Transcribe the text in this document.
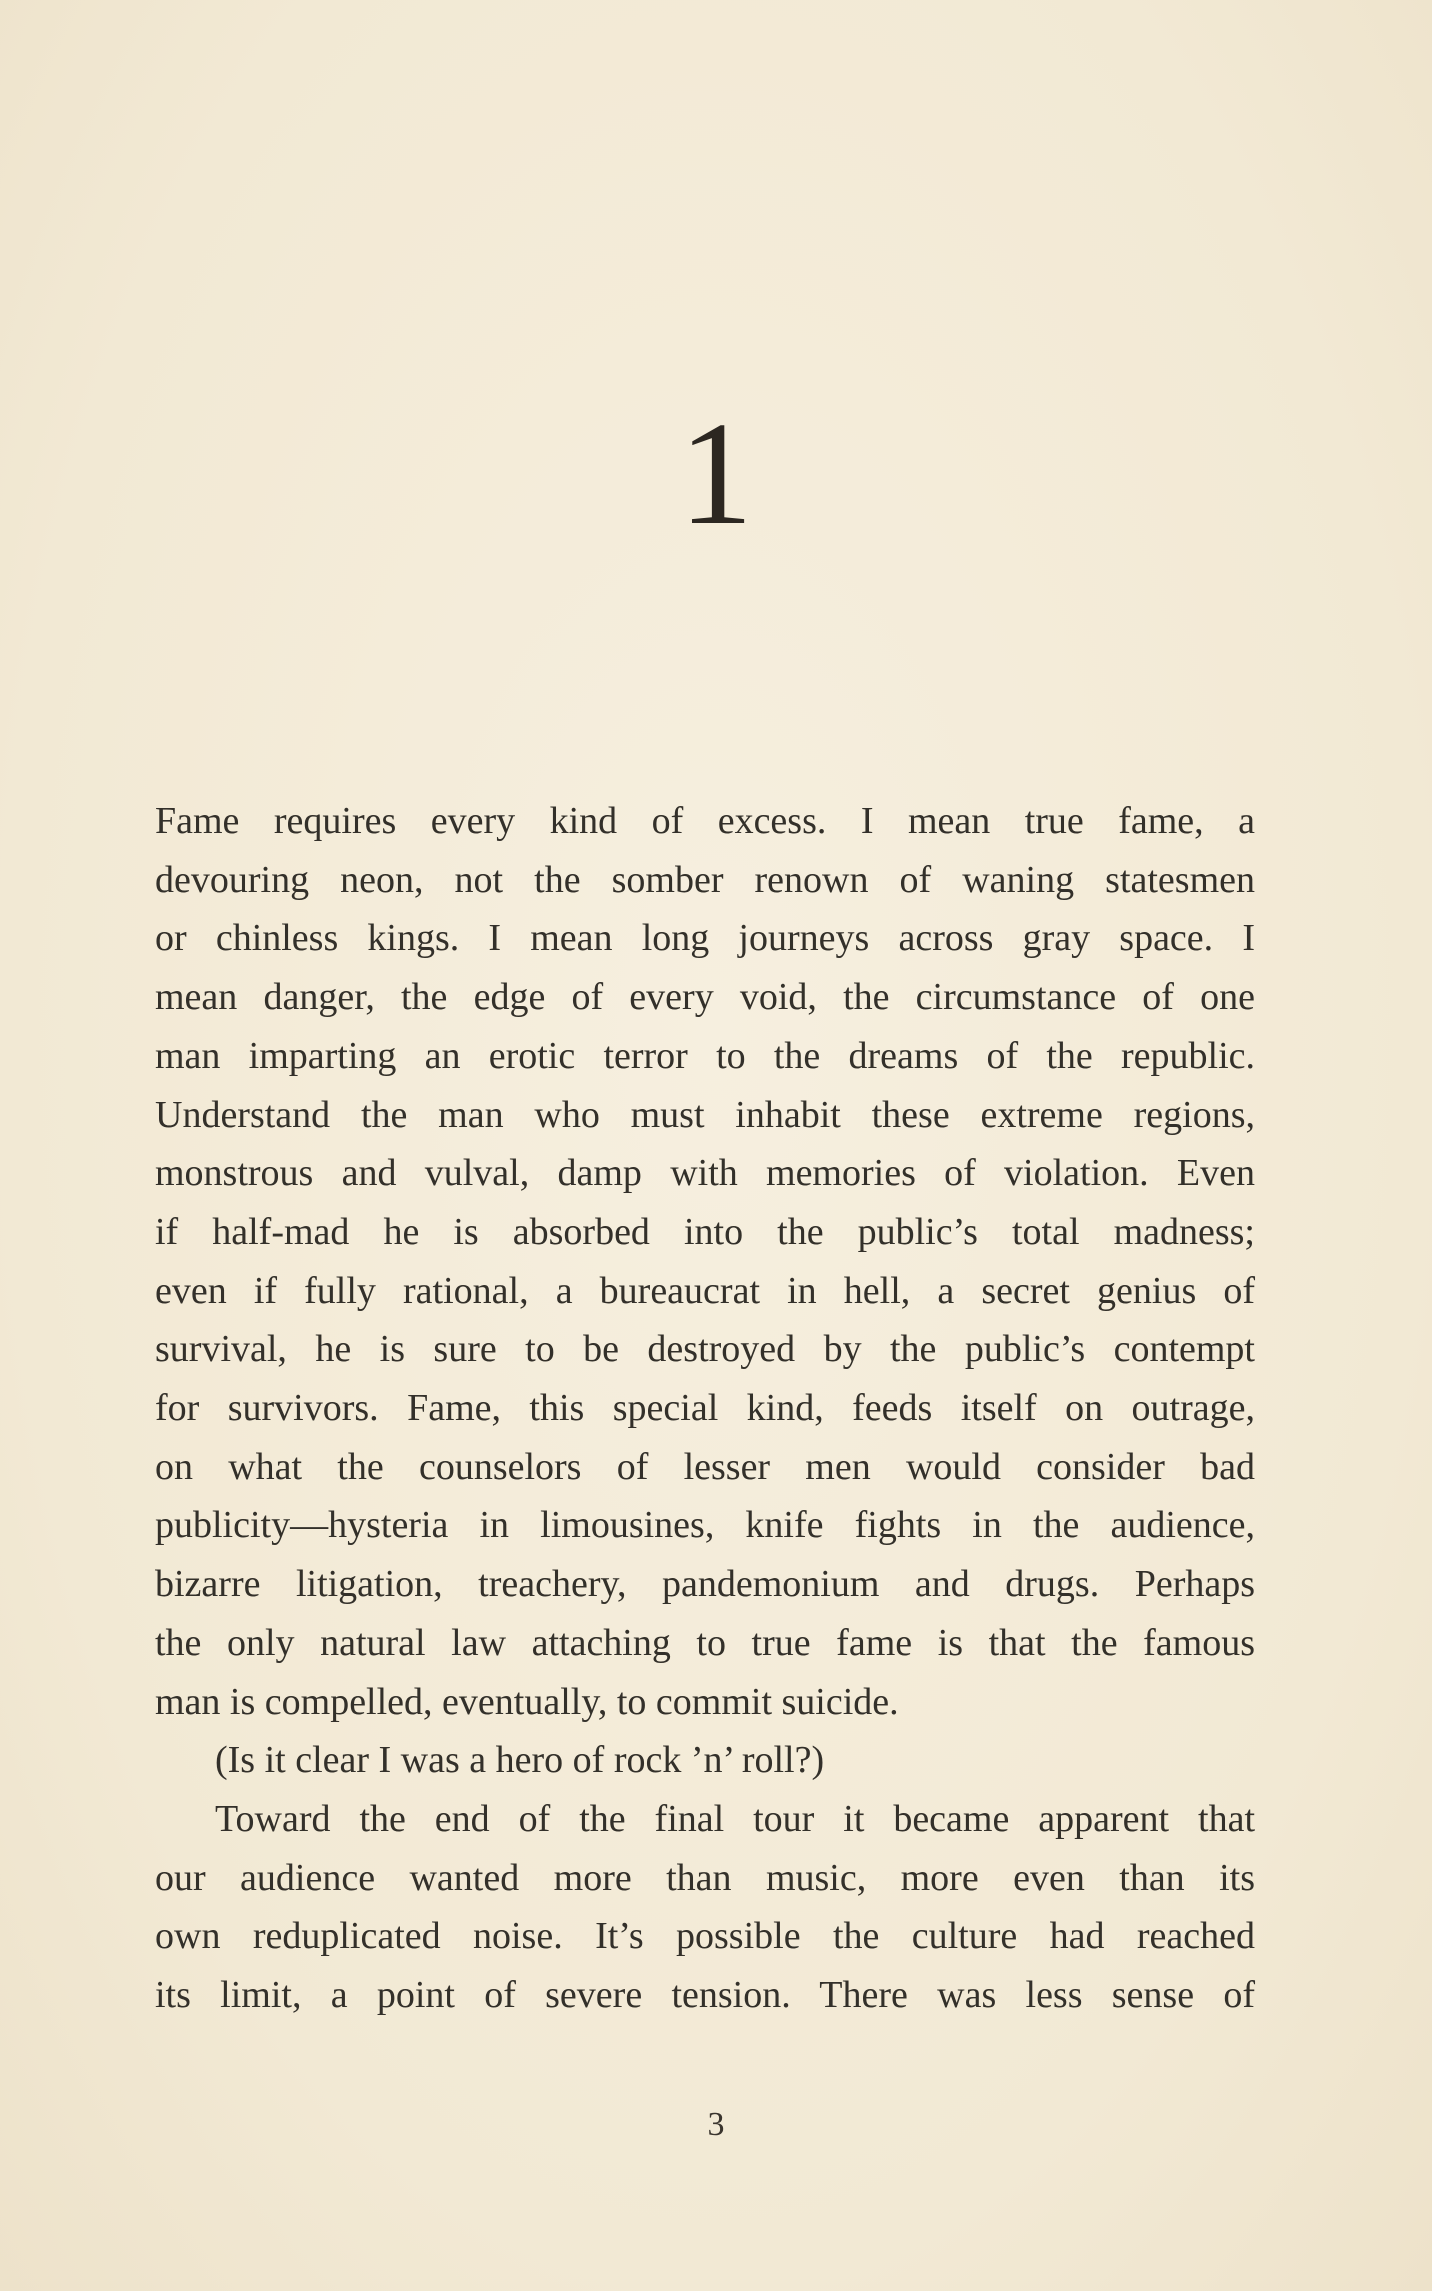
1
Fame requires every kind of excess. I mean true fame, a
devouring neon, not the somber renown of waning statesmen
or chinless kings. I mean long journeys across gray space. I
mean danger, the edge of every void, the circumstance of one
man imparting an erotic terror to the dreams of the republic.
Understand the man who must inhabit these extreme regions,
monstrous and vulval, damp with memories of violation. Even
if half-mad he is absorbed into the public’s total madness;
even if fully rational, a bureaucrat in hell, a secret genius of
survival, he is sure to be destroyed by the public’s contempt
for survivors. Fame, this special kind, feeds itself on outrage,
on what the counselors of lesser men would consider bad
publicity—hysteria in limousines, knife fights in the audience,
bizarre litigation, treachery, pandemonium and drugs. Perhaps
the only natural law attaching to true fame is that the famous
man is compelled, eventually, to commit suicide.
(Is it clear I was a hero of rock ’n’ roll?)
Toward the end of the final tour it became apparent that
our audience wanted more than music, more even than its
own reduplicated noise. It’s possible the culture had reached
its limit, a point of severe tension. There was less sense of
3
